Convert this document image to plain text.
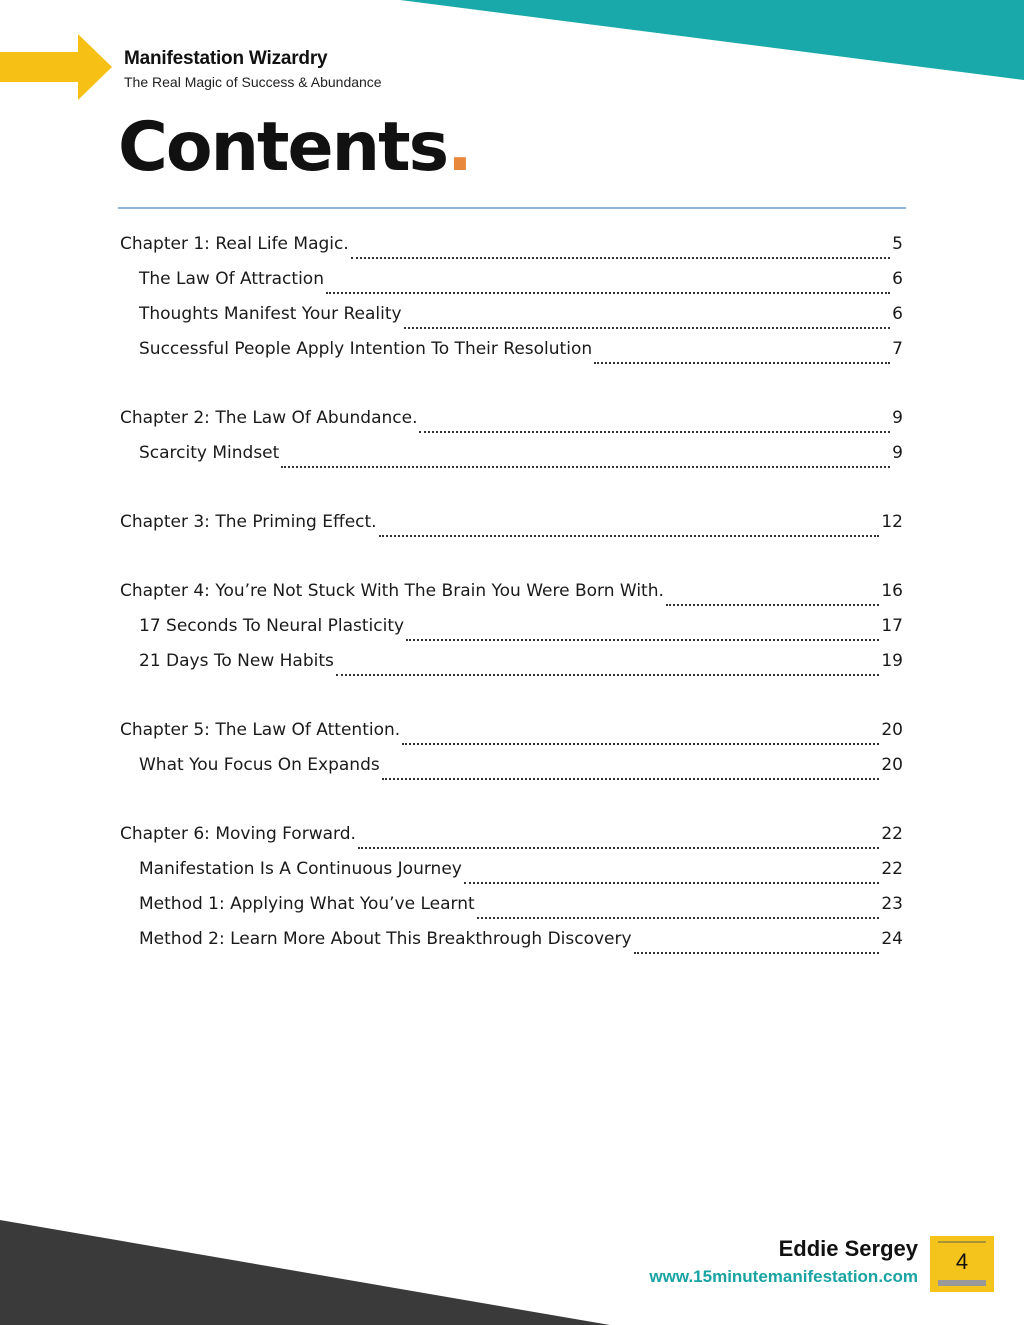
Manifestation Wizardry
The Real Magic of Success & Abundance
Contents.
Chapter 1: Real Life Magic.	5
The Law Of Attraction	6
Thoughts Manifest Your Reality	6
Successful People Apply Intention To Their Resolution	7
Chapter 2: The Law Of Abundance.	9
Scarcity Mindset	9
Chapter 3: The Priming Effect.	12
Chapter 4: You’re Not Stuck With The Brain You Were Born With.	16
17 Seconds To Neural Plasticity	17
21 Days To New Habits	19
Chapter 5: The Law Of Attention.	20
What You Focus On Expands	20
Chapter 6: Moving Forward.	22
Manifestation Is A Continuous Journey	22
Method 1: Applying What You’ve Learnt	23
Method 2: Learn More About This Breakthrough Discovery	24
Eddie Sergey
www.15minutemanifestation.com
4
